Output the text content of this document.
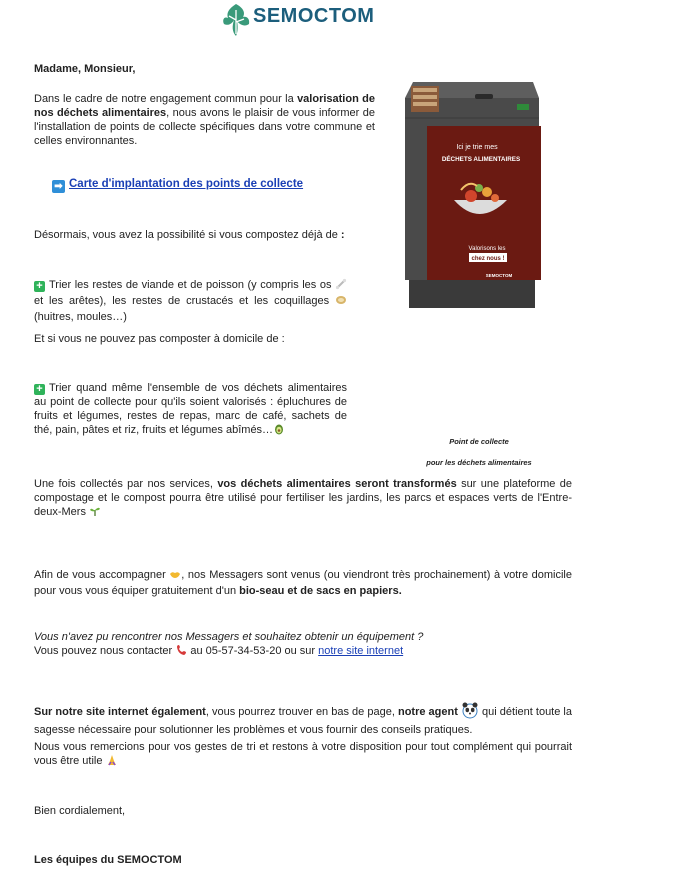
SEMOCTOM
Madame, Monsieur,
Dans le cadre de notre engagement commun pour la valorisation de nos déchets alimentaires, nous avons le plaisir de vous informer de l'installation de points de collecte spécifiques dans votre commune et celles environnantes.
➡ Carte d'implantation des points de collecte
Désormais, vous avez la possibilité si vous compostez déjà de :
+ Trier les restes de viande et de poisson (y compris les os  et les arêtes), les restes de crustacés et les coquillages  (huitres, moules…)
Et si vous ne pouvez pas composter à domicile de :
+ Trier quand même l'ensemble de vos déchets alimentaires au point de collecte pour qu'ils soient valorisés : épluchures de fruits et légumes, restes de repas, marc de café, sachets de thé, pain, pâtes et riz, fruits et légumes abîmés…
Ici je trie mes
DÉCHETS ALIMENTAIRES
Valorisons les
chez nous !
SEMOCTOM
Point de collecte
pour les déchets alimentaires
Une fois collectés par nos services, vos déchets alimentaires seront transformés sur une plateforme de compostage et le compost pourra être utilisé pour fertiliser les jardins, les parcs et espaces verts de l'Entre-deux-Mers
Afin de vous accompagner , nos Messagers sont venus (ou viendront très prochainement) à votre domicile pour vous vous équiper gratuitement d'un bio-seau et de sacs en papiers.
Vous n'avez pu rencontrer nos Messagers et souhaitez obtenir un équipement ?
Vous pouvez nous contacter  au 05-57-34-53-20 ou sur notre site internet
Sur notre site internet également, vous pourrez trouver en bas de page, notre agent  qui détient toute la sagesse nécessaire pour solutionner les problèmes et vous fournir des conseils pratiques.
Nous vous remercions pour vos gestes de tri et restons à votre disposition pour tout complément qui pourrait vous être utile
Bien cordialement,
Les équipes du SEMOCTOM
